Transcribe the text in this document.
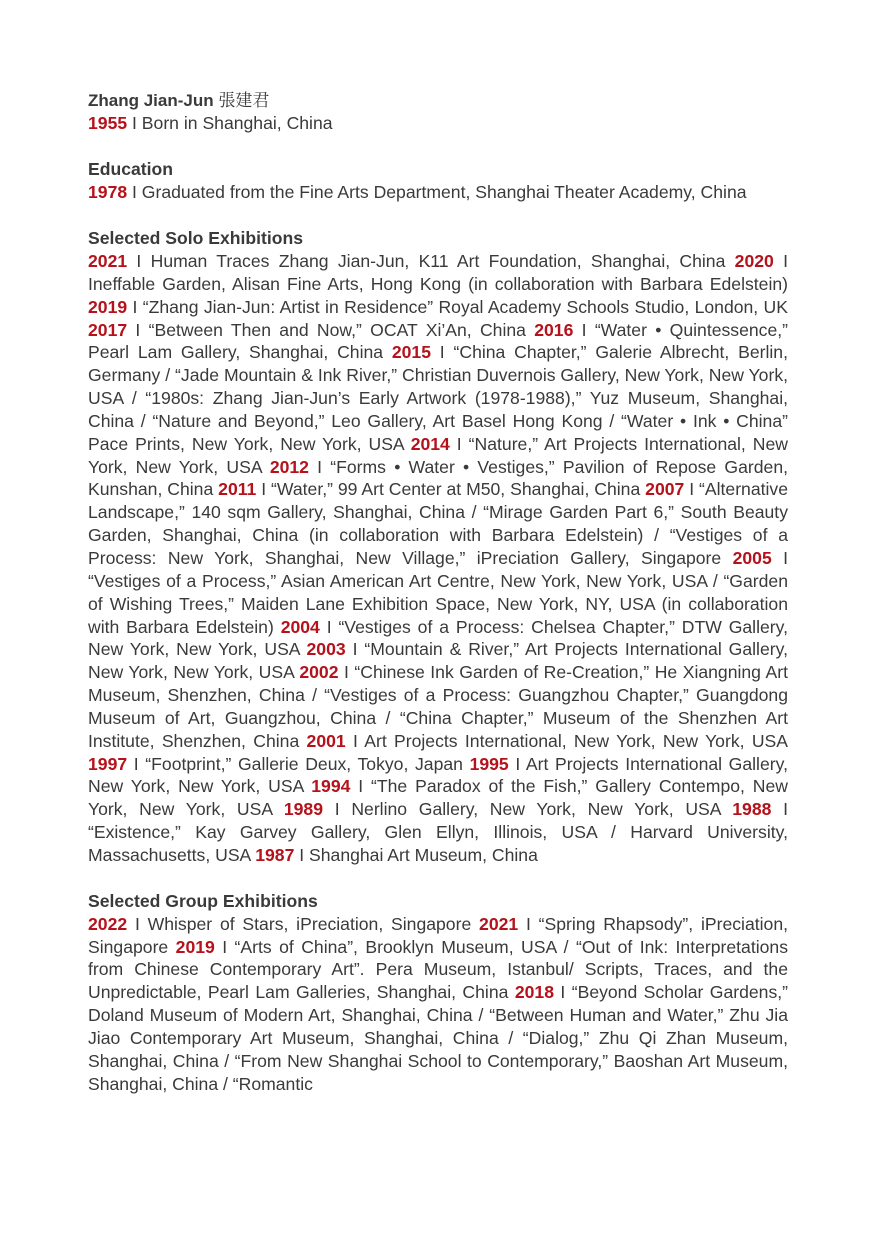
Zhang Jian-Jun 張建君
1955 I Born in Shanghai, China
Education
1978 I Graduated from the Fine Arts Department, Shanghai Theater Academy, China
Selected Solo Exhibitions
2021 I Human Traces Zhang Jian-Jun, K11 Art Foundation, Shanghai, China 2020 I Ineffable Garden, Alisan Fine Arts, Hong Kong (in collaboration with Barbara Edelstein) 2019 I “Zhang Jian-Jun: Artist in Residence” Royal Academy Schools Studio, London, UK 2017 I “Between Then and Now,” OCAT Xi’An, China 2016 I “Water • Quintessence,” Pearl Lam Gallery, Shanghai, China 2015 I “China Chapter,” Galerie Albrecht, Berlin, Germany / “Jade Mountain & Ink River,” Christian Duvernois Gallery, New York, New York, USA / “1980s: Zhang Jian-Jun’s Early Artwork (1978-1988),” Yuz Museum, Shanghai, China / “Nature and Beyond,” Leo Gallery, Art Basel Hong Kong / “Water • Ink • China” Pace Prints, New York, New York, USA 2014 I “Nature,” Art Projects International, New York, New York, USA 2012 I “Forms • Water • Vestiges,” Pavilion of Repose Garden, Kunshan, China 2011 I “Water,” 99 Art Center at M50, Shanghai, China 2007 I “Alternative Landscape,” 140 sqm Gallery, Shanghai, China / “Mirage Garden Part 6,” South Beauty Garden, Shanghai, China (in collaboration with Barbara Edelstein) / “Vestiges of a Process: New York, Shanghai, New Village,” iPreciation Gallery, Singapore 2005 I “Vestiges of a Process,” Asian American Art Centre, New York, New York, USA / “Garden of Wishing Trees,” Maiden Lane Exhibition Space, New York, NY, USA (in collaboration with Barbara Edelstein) 2004 I “Vestiges of a Process: Chelsea Chapter,” DTW Gallery, New York, New York, USA 2003 I “Mountain & River,” Art Projects International Gallery, New York, New York, USA 2002 I “Chinese Ink Garden of Re-Creation,” He Xiangning Art Museum, Shenzhen, China / “Vestiges of a Process: Guangzhou Chapter,” Guangdong Museum of Art, Guangzhou, China / “China Chapter,” Museum of the Shenzhen Art Institute, Shenzhen, China 2001 I Art Projects International, New York, New York, USA 1997 I “Footprint,” Gallerie Deux, Tokyo, Japan 1995 I Art Projects International Gallery, New York, New York, USA 1994 I “The Paradox of the Fish,” Gallery Contempo, New York, New York, USA 1989 I Nerlino Gallery, New York, New York, USA 1988 I “Existence,” Kay Garvey Gallery, Glen Ellyn, Illinois, USA / Harvard University, Massachusetts, USA 1987 I Shanghai Art Museum, China
Selected Group Exhibitions
2022 I Whisper of Stars, iPreciation, Singapore 2021 I “Spring Rhapsody”, iPreciation, Singapore 2019 I “Arts of China”, Brooklyn Museum, USA / “Out of Ink: Interpretations from Chinese Contemporary Art”. Pera Museum, Istanbul/ Scripts, Traces, and the Unpredictable, Pearl Lam Galleries, Shanghai, China 2018 I “Beyond Scholar Gardens,” Doland Museum of Modern Art, Shanghai, China / “Between Human and Water,” Zhu Jia Jiao Contemporary Art Museum, Shanghai, China / “Dialog,” Zhu Qi Zhan Museum, Shanghai, China / “From New Shanghai School to Contemporary,” Baoshan Art Museum, Shanghai, China / “Romantic
